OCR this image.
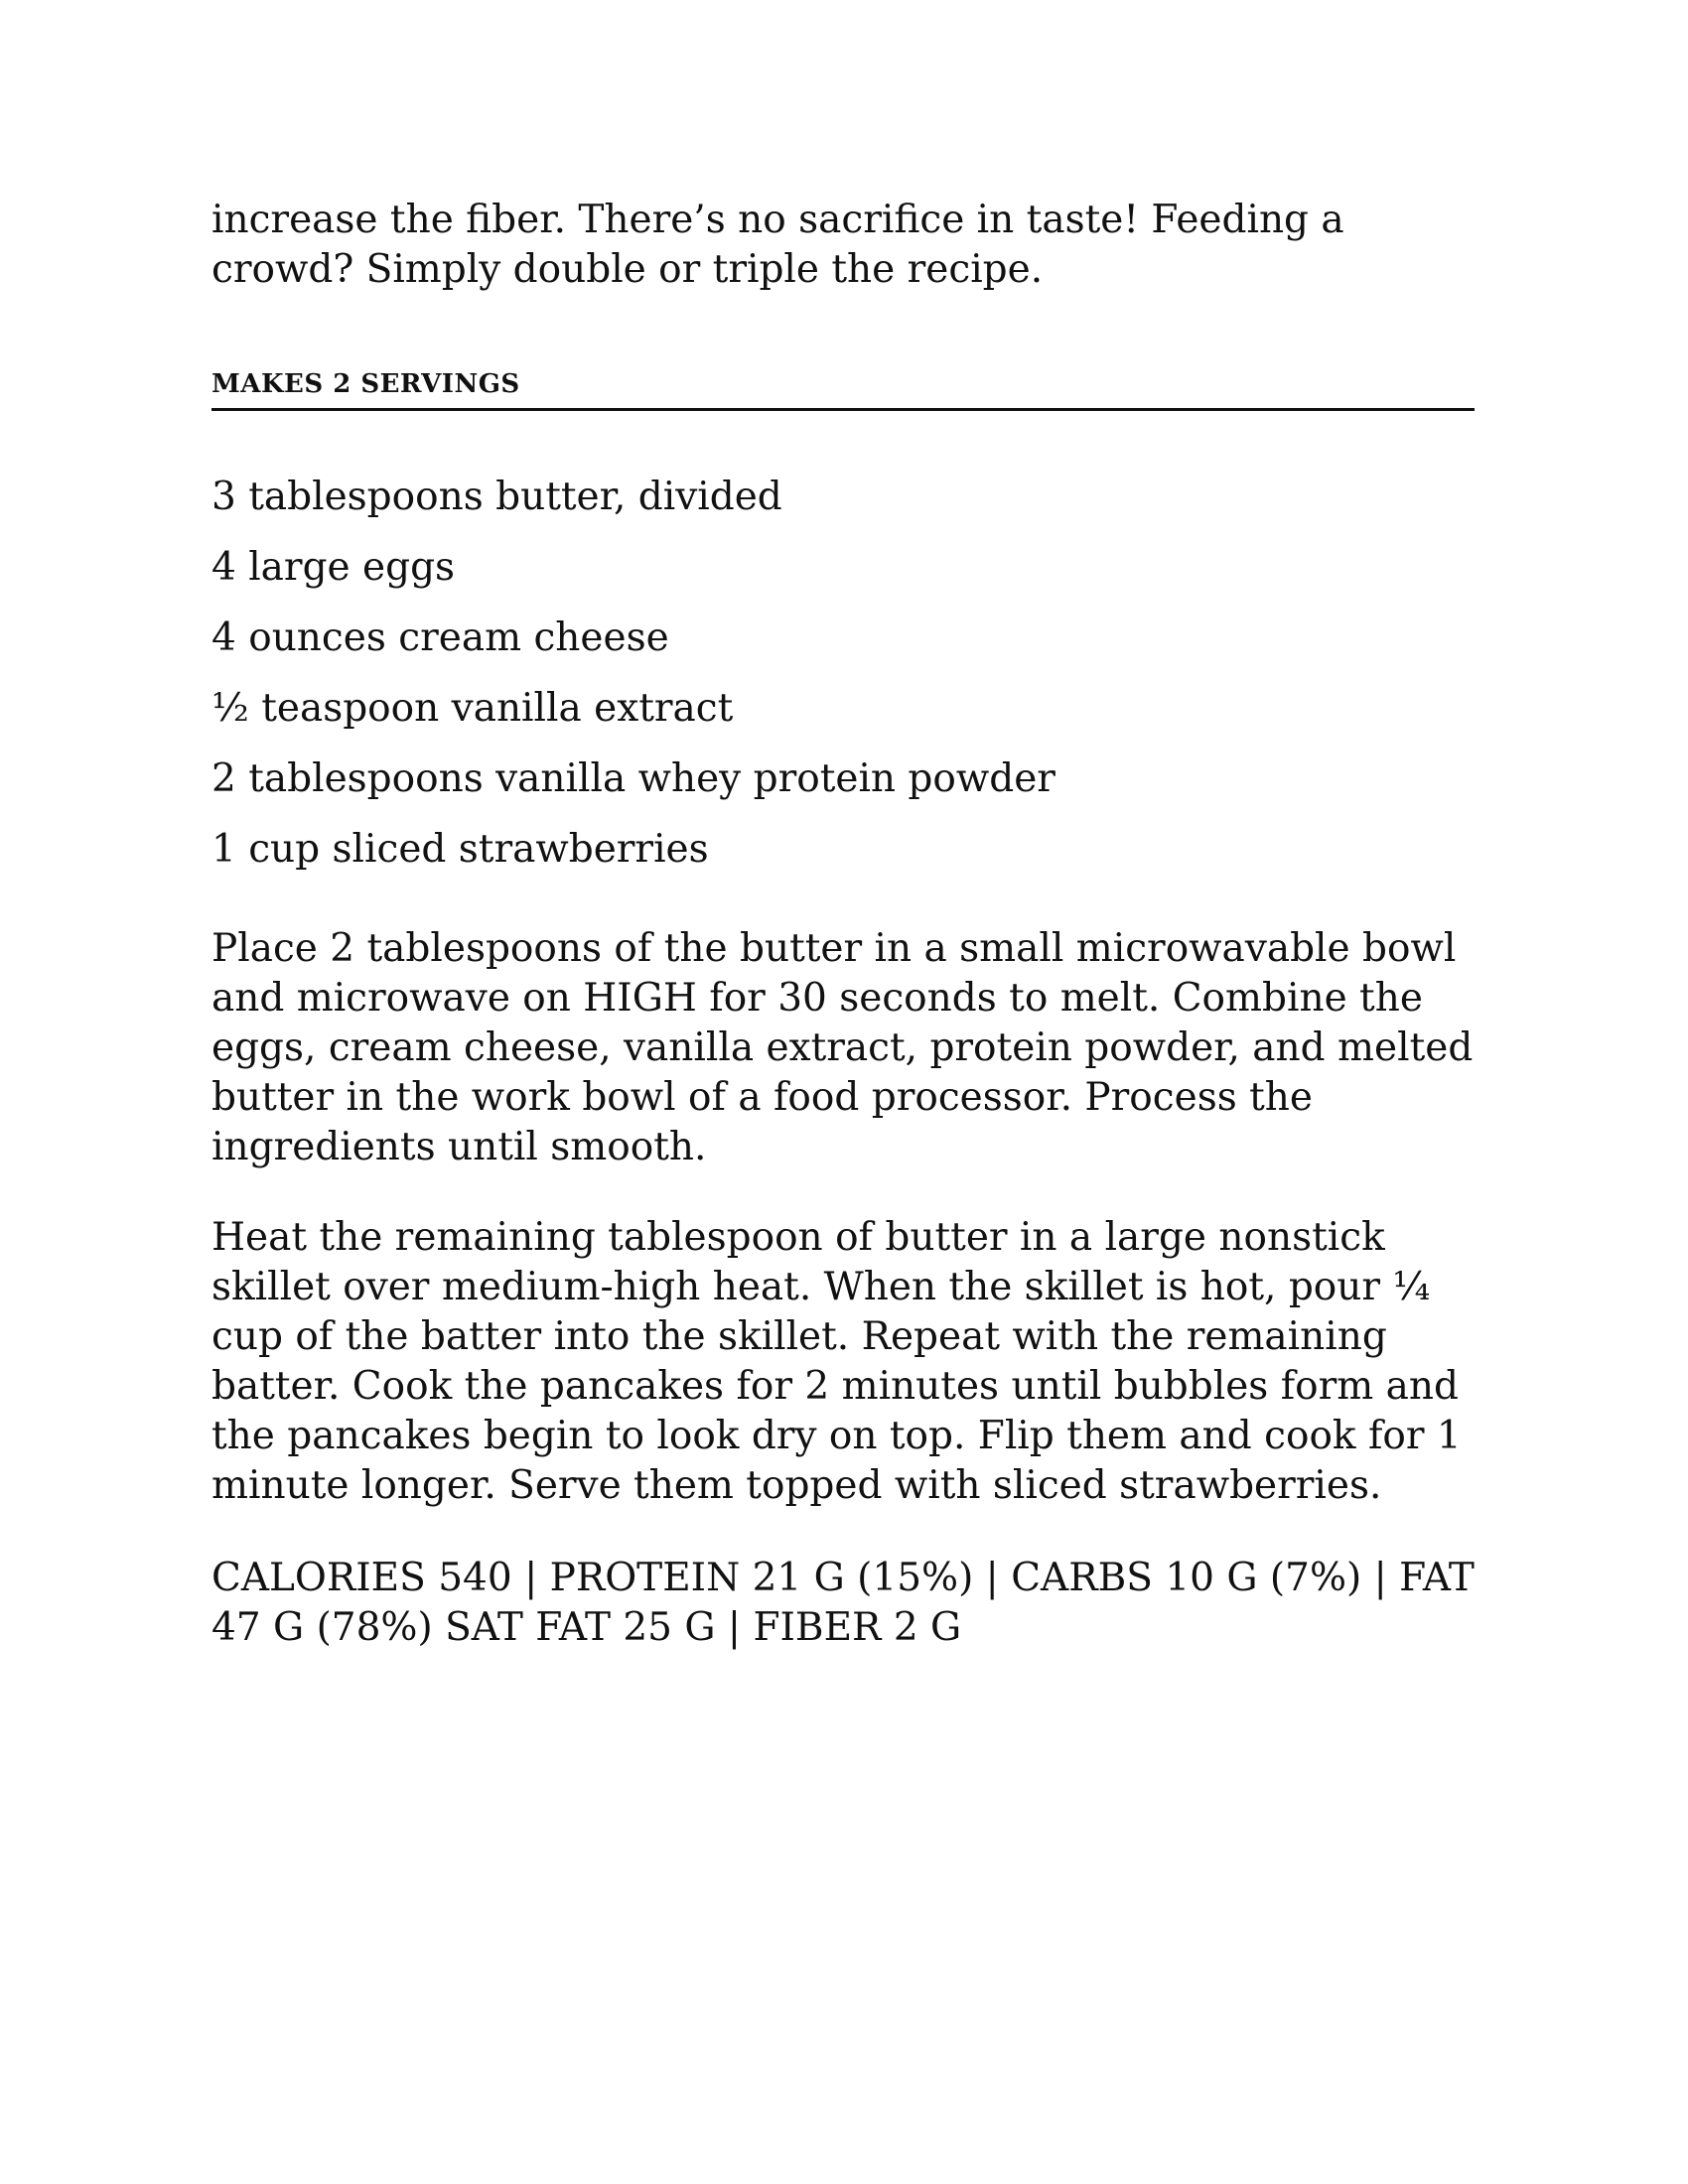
increase the fiber. There’s no sacrifice in taste! Feeding a crowd? Simply double or triple the recipe.

MAKES 2 SERVINGS

3 tablespoons butter, divided
4 large eggs
4 ounces cream cheese
½ teaspoon vanilla extract
2 tablespoons vanilla whey protein powder
1 cup sliced strawberries

Place 2 tablespoons of the butter in a small microwavable bowl and microwave on HIGH for 30 seconds to melt. Combine the eggs, cream cheese, vanilla extract, protein powder, and melted butter in the work bowl of a food processor. Process the ingredients until smooth.

Heat the remaining tablespoon of butter in a large nonstick skillet over medium-high heat. When the skillet is hot, pour ¼ cup of the batter into the skillet. Repeat with the remaining batter. Cook the pancakes for 2 minutes until bubbles form and the pancakes begin to look dry on top. Flip them and cook for 1 minute longer. Serve them topped with sliced strawberries.

CALORIES 540 | PROTEIN 21 G (15%) | CARBS 10 G (7%) | FAT 47 G (78%) SAT FAT 25 G | FIBER 2 G
